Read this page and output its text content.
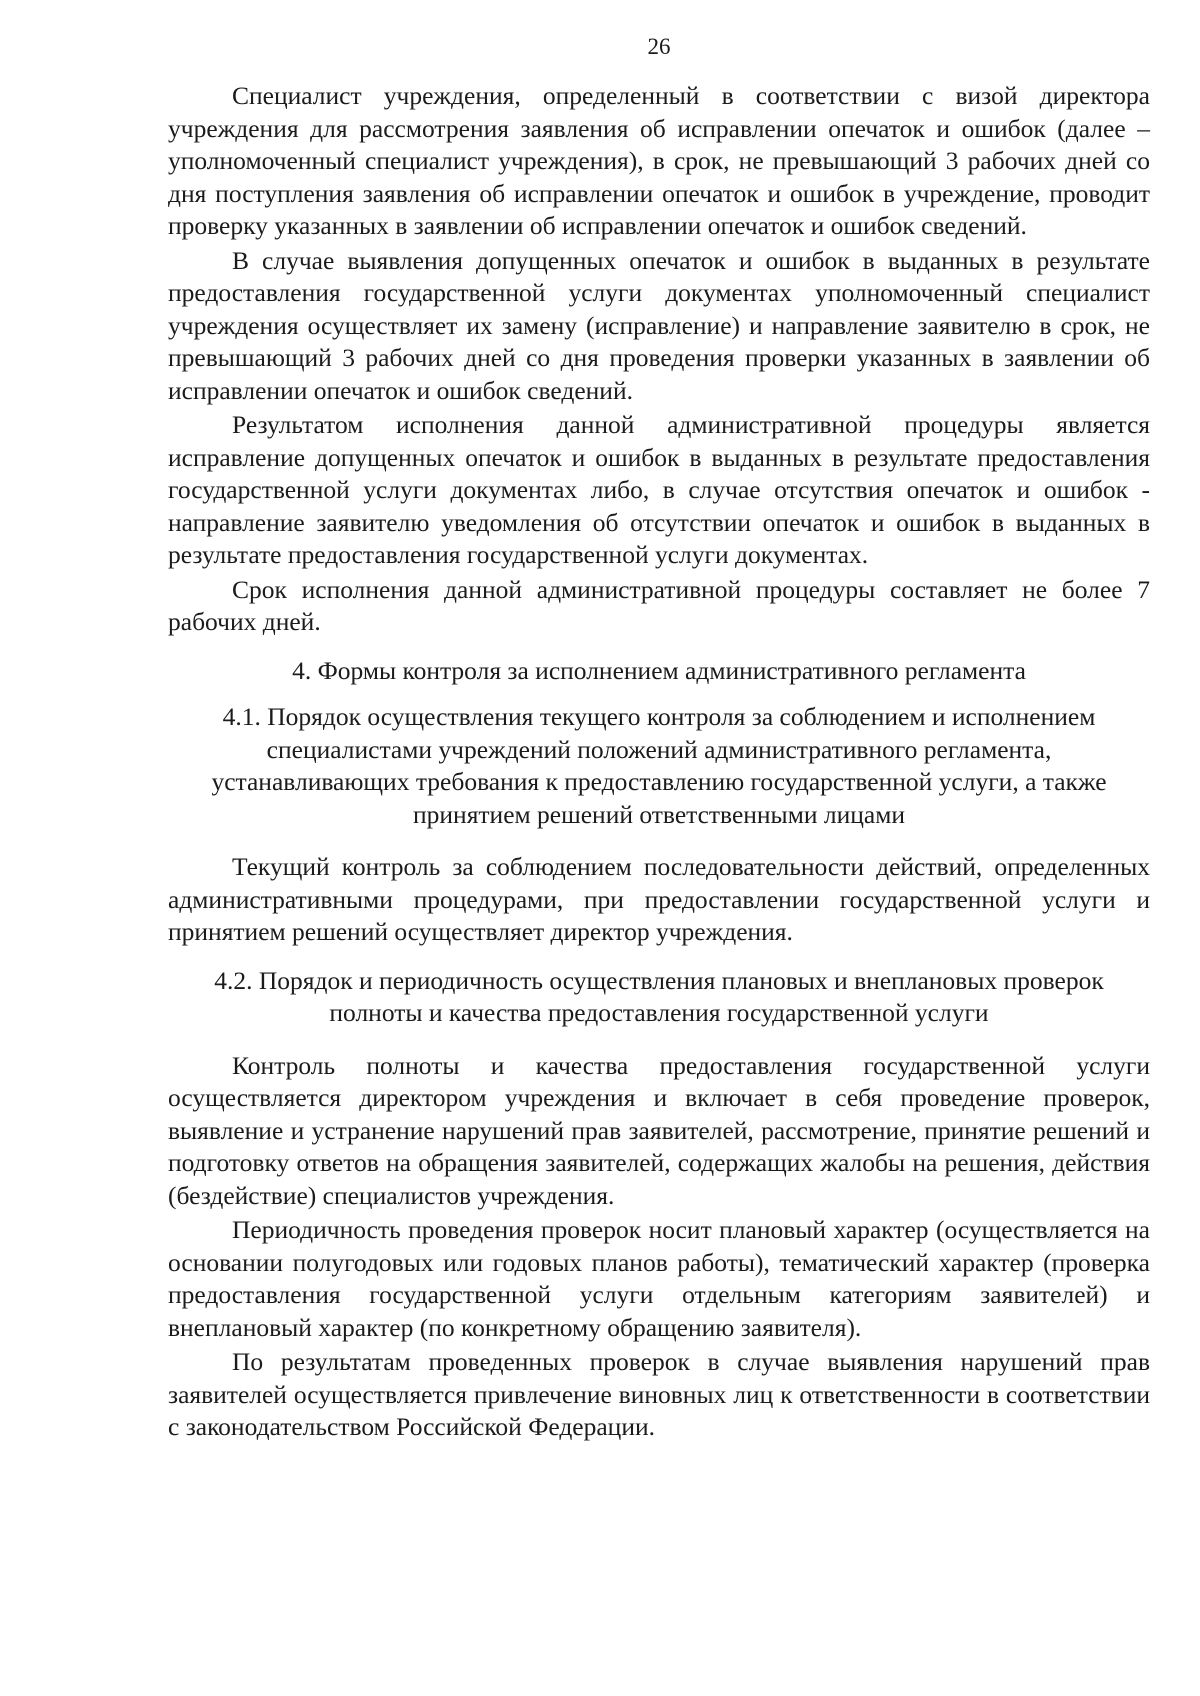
26

Специалист учреждения, определенный в соответствии с визой директора учреждения для рассмотрения заявления об исправлении опечаток и ошибок (далее – уполномоченный специалист учреждения), в срок, не превышающий 3 рабочих дней со дня поступления заявления об исправлении опечаток и ошибок в учреждение, проводит проверку указанных в заявлении об исправлении опечаток и ошибок сведений.

В случае выявления допущенных опечаток и ошибок в выданных в результате предоставления государственной услуги документах уполномоченный специалист учреждения осуществляет их замену (исправление) и направление заявителю в срок, не превышающий 3 рабочих дней со дня проведения проверки указанных в заявлении об исправлении опечаток и ошибок сведений.

Результатом исполнения данной административной процедуры является исправление допущенных опечаток и ошибок в выданных в результате предоставления государственной услуги документах либо, в случае отсутствия опечаток и ошибок - направление заявителю уведомления об отсутствии опечаток и ошибок в выданных в результате предоставления государственной услуги документах.

Срок исполнения данной административной процедуры составляет не более 7 рабочих дней.

4. Формы контроля за исполнением административного регламента

4.1. Порядок осуществления текущего контроля за соблюдением и исполнением специалистами учреждений положений административного регламента, устанавливающих требования к предоставлению государственной услуги, а также принятием решений ответственными лицами

Текущий контроль за соблюдением последовательности действий, определенных административными процедурами, при предоставлении государственной услуги и принятием решений осуществляет директор учреждения.

4.2. Порядок и периодичность осуществления плановых и внеплановых проверок полноты и качества предоставления государственной услуги

Контроль полноты и качества предоставления государственной услуги осуществляется директором учреждения и включает в себя проведение проверок, выявление и устранение нарушений прав заявителей, рассмотрение, принятие решений и подготовку ответов на обращения заявителей, содержащих жалобы на решения, действия (бездействие) специалистов учреждения.

Периодичность проведения проверок носит плановый характер (осуществляется на основании полугодовых или годовых планов работы), тематический характер (проверка предоставления государственной услуги отдельным категориям заявителей) и внеплановый характер (по конкретному обращению заявителя).

По результатам проведенных проверок в случае выявления нарушений прав заявителей осуществляется привлечение виновных лиц к ответственности в соответствии с законодательством Российской Федерации.
